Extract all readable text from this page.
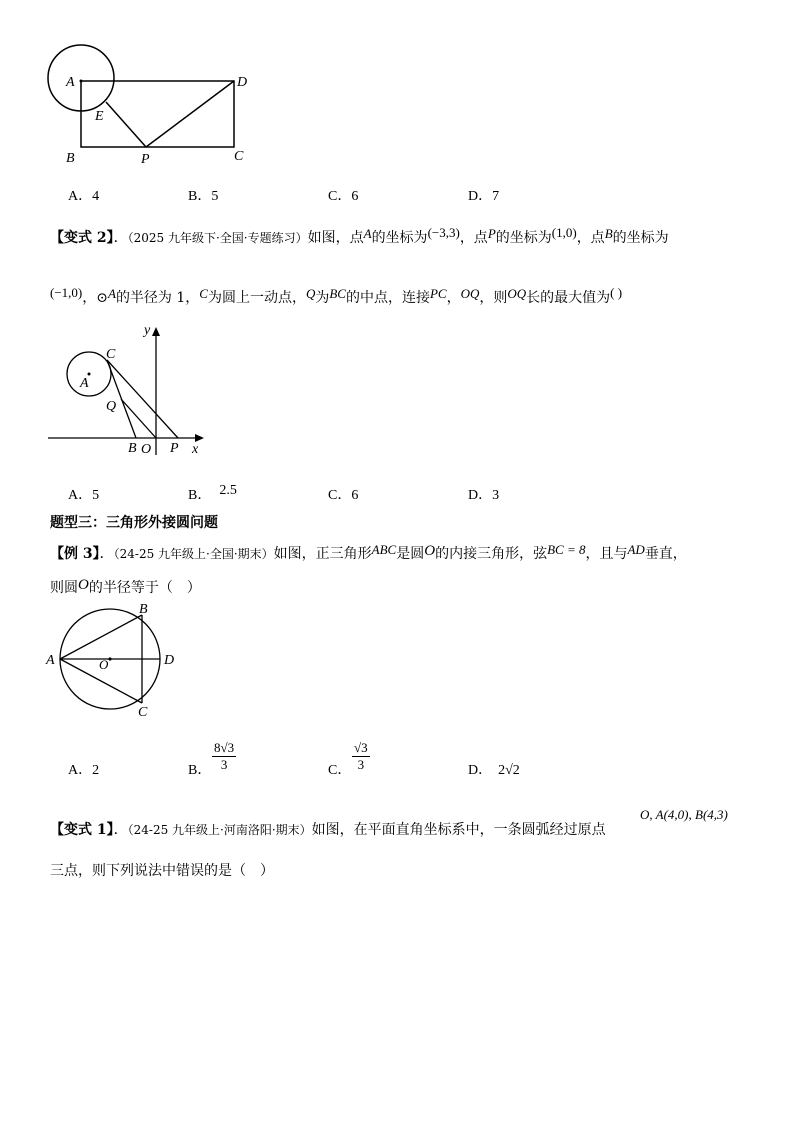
A	D
E
B	P	C
A．4	B．5	C．6	D．7
【变式 2】．（2025 九年级下·全国·专题练习）如图，点A的坐标为(−3,3)，点P的坐标为(1,0)，点B的坐标为
(−1,0)，⊙A的半径为 1，C为圆上一动点，Q为BC的中点，连接PC，OQ，则OQ长的最大值为( )
y
C
A
Q
B O P x
A．5	B． 2.5	C．6	D．3
题型三：三角形外接圆问题
【例 3】．（24-25 九年级上·全国·期末）如图，正三角形ABC是圆O的内接三角形，弦BC = 8，且与AD垂直，
则圆O的半径等于（　）
B
A	O	D
C
A．2	B． $\frac{8√3}{3}$	C． $\frac{√3}{3}$	D． 2√2
【变式 1】．（24-25 九年级上·河南洛阳·期末）如图，在平面直角坐标系中，一条圆弧经过原点
O, A(4,0), B(4,3)
三点，则下列说法中错误的是（　）
